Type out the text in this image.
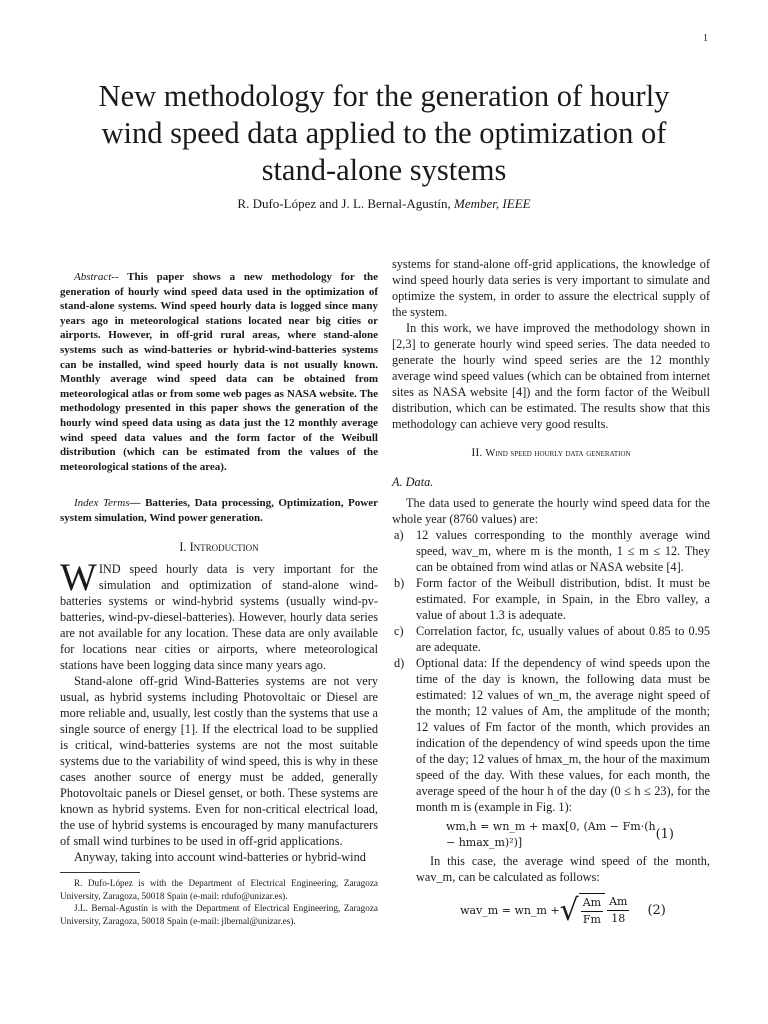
1
New methodology for the generation of hourly wind speed data applied to the optimization of stand-alone systems
R. Dufo-López and J. L. Bernal-Agustín, Member, IEEE

Abstract-- This paper shows a new methodology for the generation of hourly wind speed data used in the optimization of stand-alone systems. Wind speed hourly data is logged since many years ago in meteorological stations located near big cities or airports. However, in off-grid rural areas, where stand-alone systems such as wind-batteries or hybrid-wind-batteries systems can be installed, wind speed hourly data is not usually known. Monthly average wind speed data can be obtained from meteorological atlas or from some web pages as NASA website. The methodology presented in this paper shows the generation of the hourly wind speed data using as data just the 12 monthly average wind speed data values and the form factor of the Weibull distribution (which can be estimated from the values of the meteorological stations of the area).

Index Terms— Batteries, Data processing, Optimization, Power system simulation, Wind power generation.

I. Introduction

WIND speed hourly data is very important for the simulation and optimization of stand-alone wind-batteries systems or wind-hybrid systems (usually wind-pv-batteries, wind-pv-diesel-batteries). However, hourly data series are not available for any location. These data are only available for locations near cities or airports, where meteorological stations have been logging data since many years ago.

Stand-alone off-grid Wind-Batteries systems are not very usual, as hybrid systems including Photovoltaic or Diesel are more reliable and, usually, lest costly than the systems that use a single source of energy [1]. If the electrical load to be supplied is critical, wind-batteries systems are not the most suitable systems due to the variability of wind speed, this is why in these cases another source of energy must be added, generally Photovoltaic panels or Diesel genset, or both. These systems are known as hybrid systems. Even for non-critical electrical load, the use of hybrid systems is encouraged by many manufacturers of small wind turbines to be used in off-grid applications.

Anyway, taking into account wind-batteries or hybrid-wind

R. Dufo-López is with the Department of Electrical Engineering, Zaragoza University, Zaragoza, 50018 Spain (e-mail: rdufo@unizar.es).
J.L. Bernal-Agustín is with the Department of Electrical Engineering, Zaragoza University, Zaragoza, 50018 Spain (e-mail: jlbernal@unizar.es).

systems for stand-alone off-grid applications, the knowledge of wind speed hourly data series is very important to simulate and optimize the system, in order to assure the electrical supply of the system.

In this work, we have improved the methodology shown in [2,3] to generate hourly wind speed series. The data needed to generate the hourly wind speed series are the 12 monthly average wind speed values (which can be obtained from internet sites as NASA website [4]) and the form factor of the Weibull distribution, which can be estimated. The results show that this methodology can achieve very good results.

II. Wind speed hourly data generation

A. Data.

The data used to generate the hourly wind speed data for the whole year (8760 values) are:

a) 12 values corresponding to the monthly average wind speed, wav_m, where m is the month, 1 ≤ m ≤ 12. They can be obtained from wind atlas or NASA website [4].
b) Form factor of the Weibull distribution, bdist. It must be estimated. For example, in Spain, in the Ebro valley, a value of about 1.3 is adequate.
c) Correlation factor, fc, usually values of about 0.85 to 0.95 are adequate.
d) Optional data: If the dependency of wind speeds upon the time of the day is known, the following data must be estimated: 12 values of wn_m, the average night speed of the month; 12 values of Am, the amplitude of the month; 12 values of Fm factor of the month, which provides an indication of the dependency of wind speeds upon the time of the day; 12 values of hmax_m, the hour of the maximum speed of the day. With these values, for each month, the average speed of the hour h of the day (0 ≤ h ≤ 23), for the month m is (example in Fig. 1):
wm,h = wn_m + max[0, (Am − Fm·(h − hmax_m)²)]
(1)
In this case, the average wind speed of the month, wav_m, can be calculated as follows:
wav_m = wn_m + √ $\frac{Am}{Fm} \frac{Am}{18} (2)$
